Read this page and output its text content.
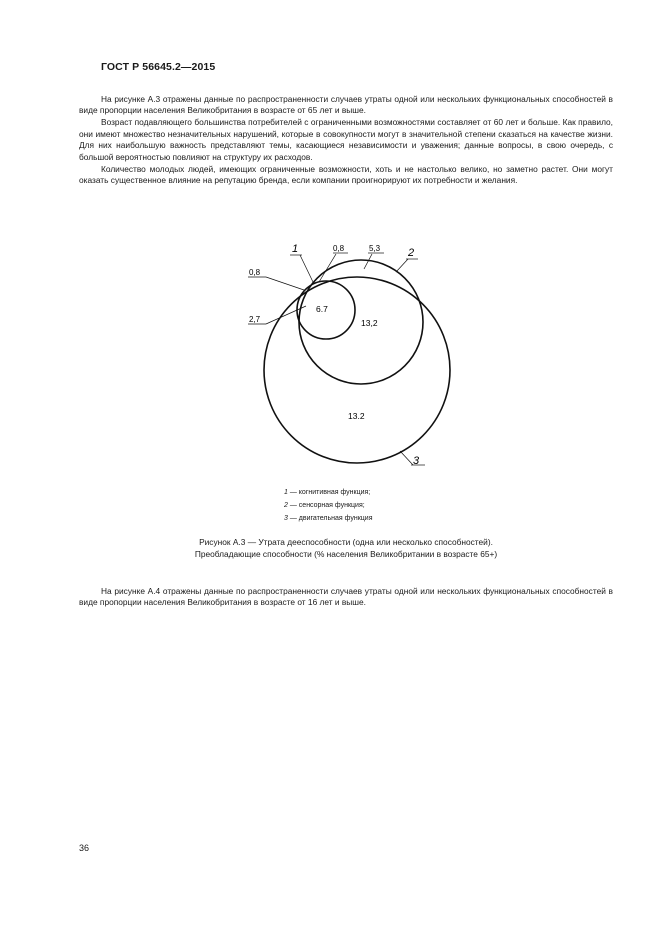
ГОСТ Р 56645.2—2015

На рисунке А.3 отражены данные по распространенности случаев утраты одной или нескольких функциональных способностей в виде пропорции населения Великобритания в возрасте от 65 лет и выше.

Возраст подавляющего большинства потребителей с ограниченными возможностями составляет от 60 лет и больше. Как правило, они имеют множество незначительных нарушений, которые в совокупности могут в значительной степени сказаться на качестве жизни. Для них наибольшую важность представляют темы, касающиеся независимости и уважения; данные вопросы, в свою очередь, с большой вероятностью повлияют на структуру их расходов.

Количество молодых людей, имеющих ограниченные возможности, хоть и не настолько велико, но заметно растет. Они могут оказать существенное влияние на репутацию бренда, если компании проигнорируют их потребности и желания.

6.7
13,2
13.2
0,8	5,3
0,8
2,7
1	2
3
1 — когнитивная функция;
2 — сенсорная функция;
3 — двигательная функция
Рисунок А.3 — Утрата дееспособности (одна или несколько способностей).
Преобладающие способности (% населения Великобритании в возрасте 65+)

На рисунке А.4 отражены данные по распространенности случаев утраты одной или нескольких функциональных способностей в виде пропорции населения Великобритания в возрасте от 16 лет и выше.

36
